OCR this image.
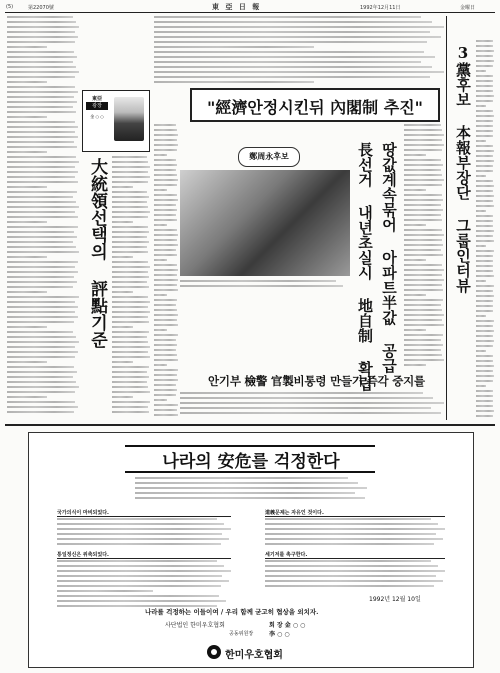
(5)	第22070號	東 亞 日 報	1992年12月11日	金曜日
東亞
광장
金 ○ ○
大統領선택의 評點기준
"經濟안정시킨뒤 內閣制 추진"
鄭周永후보	長선거 내년초실시 地自制 확립 땅값계속묶어 아파트半값 공급	3黨후보 本報부장단 그룹인터뷰
안기부 檢警 官製비통령 만들기 즉각 중지를
나라의 安危를 걱정한다
국가의식이 마비되었다.
통일정신은 위축되었다.
道義문제는 자유인 것이다.
세기저를 촉구한다.
1992년 12월 10일
나라를 걱정하는 이들이여 / 우리 함께 굳고히 협상을 외치자.
사단법인 한미우호협회	회 장 金 ○ ○
공동위원장	李 ○ ○
한미우호협회
